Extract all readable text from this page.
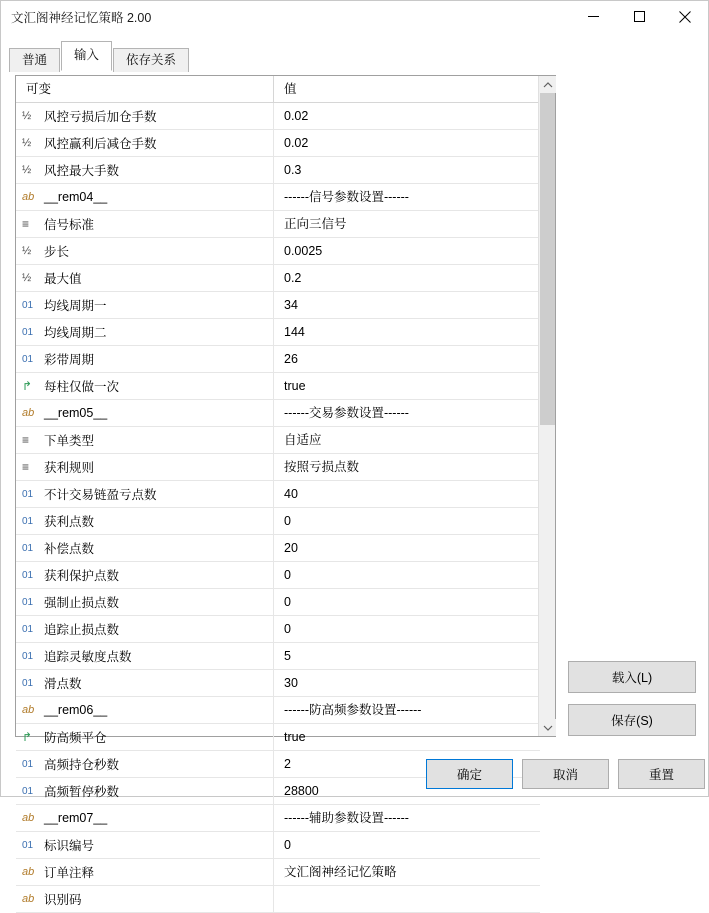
文汇阁神经记忆策略 2.00
普通	输入	依存关系
可变	值
½	风控亏损后加仓手数	0.02
½	风控赢利后减仓手数	0.02
½	风控最大手数	0.3
ab __rem04__	------信号参数设置------
≡	信号标准	正向三信号
½	步长	0.0025
½	最大值	0.2
01 均线周期一	34
01 均线周期二	144
01 彩带周期	26
↱ 每柱仅做一次	true
ab __rem05__	------交易参数设置------
≡	下单类型	自适应
≡	获利规则	按照亏损点数
01 不计交易链盈亏点数	40
01 获利点数	0
01 补偿点数	20
01 获利保护点数	0
01 强制止损点数	0
01 追踪止损点数	0
01 追踪灵敏度点数	5
01 滑点数	30
ab __rem06__	------防高频参数设置------
↱ 防高频平仓	true
01 高频持仓秒数	2
01 高频暂停秒数	28800
ab __rem07__	------辅助参数设置------
01 标识编号	0
ab 订单注释	文汇阁神经记忆策略
ab 识别码
载入(L)
保存(S)
确定	取消	重置
